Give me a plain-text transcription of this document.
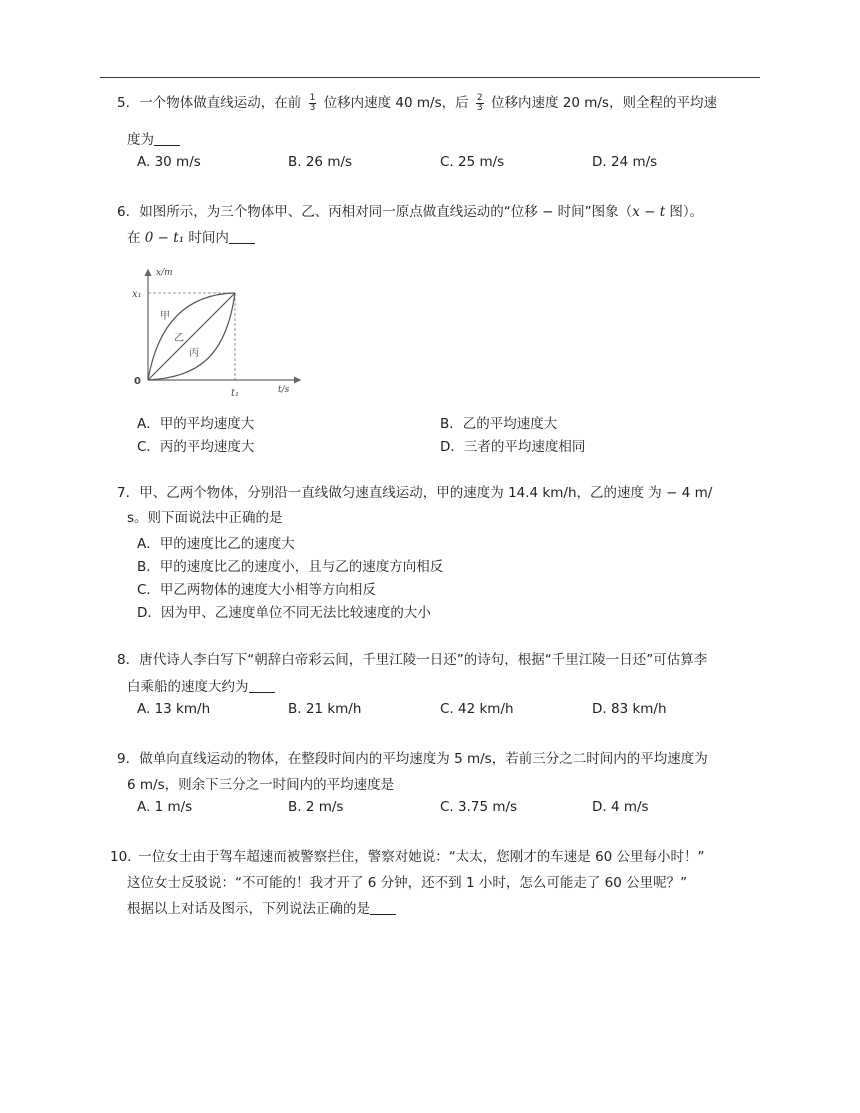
5. 一个物体做直线运动，在前 $\frac{1}{3}$ 位移内速度 40 m/s，后 $\frac{2}{3}$ 位移内速度 20 m/s，则全程的平均速
度为
A. 30 m/s	B. 26 m/s	C. 25 m/s	D. 24 m/s
6. 如图所示，为三个物体甲、乙、丙相对同一原点做直线运动的“位移 − 时间”图象（x − t 图）。
在 0 − t₁ 时间内
x/m
t/s
x₁
t₁
0
甲
乙
丙
A．甲的平均速度大	B．乙的平均速度大
C．丙的平均速度大	D．三者的平均速度相同
7. 甲、乙两个物体，分别沿一直线做匀速直线运动，甲的速度为 14.4 km/h，乙的速度 为 − 4 m/
s。则下面说法中正确的是
A．甲的速度比乙的速度大
B．甲的速度比乙的速度小，且与乙的速度方向相反
C．甲乙两物体的速度大小相等方向相反
D．因为甲、乙速度单位不同无法比较速度的大小
8. 唐代诗人李白写下“朝辞白帝彩云间，千里江陵一日还”的诗句，根据“千里江陵一日还”可估算李
白乘船的速度大约为
A. 13 km/h	B. 21 km/h	C. 42 km/h	D. 83 km/h
9. 做单向直线运动的物体，在整段时间内的平均速度为 5 m/s，若前三分之二时间内的平均速度为
6 m/s，则余下三分之一时间内的平均速度是
A. 1 m/s	B. 2 m/s	C. 3.75 m/s	D. 4 m/s
10. 一位女士由于驾车超速而被警察拦住，警察对她说：“太太，您刚才的车速是 60 公里每小时！”
这位女士反驳说：“不可能的！我才开了 6 分钟，还不到 1 小时，怎么可能走了 60 公里呢？”
根据以上对话及图示，下列说法正确的是
